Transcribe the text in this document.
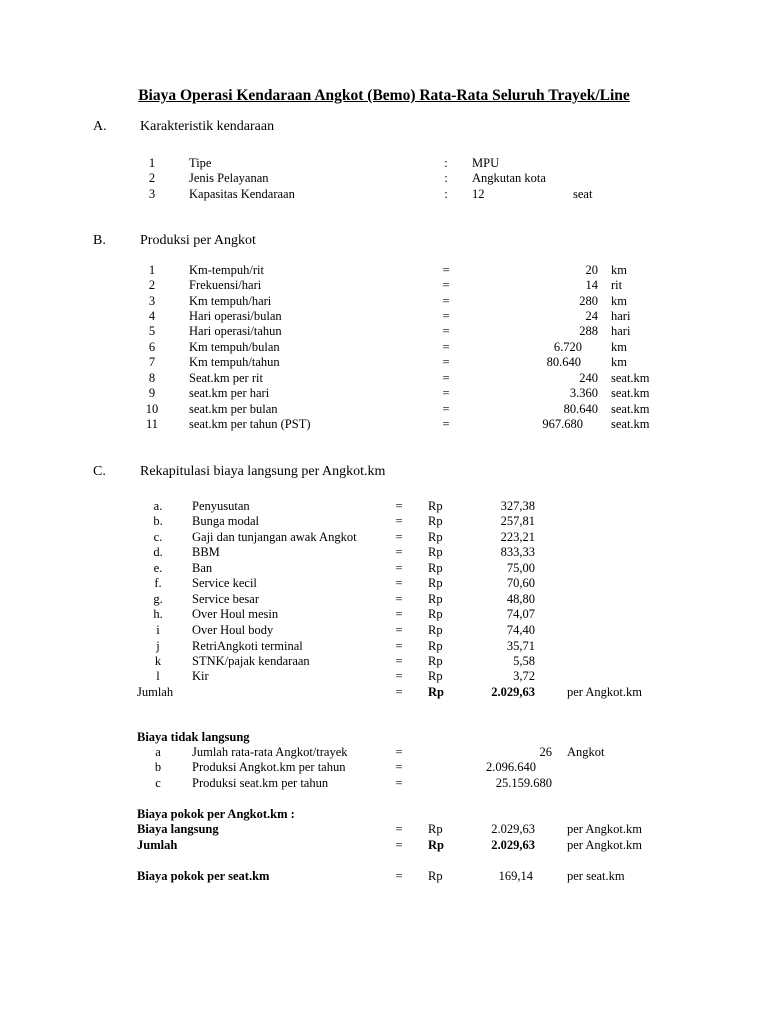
Biaya Operasi Kendaraan Angkot (Bemo) Rata-Rata Seluruh Trayek/Line
A. Karakteristik kendaraan
1	Tipe	:	MPU
2	Jenis Pelayanan	:	Angkutan kota
3	Kapasitas Kendaraan	:	12	seat
B. Produksi per Angkot
1	Km-tempuh/rit	=	20 km
2	Frekuensi/hari	=	14 rit
3	Km tempuh/hari	=	280 km
4	Hari operasi/bulan	=	24 hari
5	Hari operasi/tahun	=	288 hari
6	Km tempuh/bulan	=	6.720 km
7	Km tempuh/tahun	=	80.640 km
8	Seat.km per rit	=	240 seat.km
9	seat.km per hari	=	3.360 seat.km
10	seat.km per bulan	=	80.640 seat.km
11	seat.km per tahun (PST)	=	967.680 seat.km
C. Rekapitulasi biaya langsung per Angkot.km
a.	Penyusutan	= Rp	327,38
b.	Bunga modal	= Rp	257,81
c.	Gaji dan tunjangan awak Angkot	= Rp	223,21
d.	BBM	= Rp	833,33
e.	Ban	= Rp	75,00
f.	Service kecil	= Rp	70,60
g.	Service besar	= Rp	48,80
h.	Over Houl mesin	= Rp	74,07
i	Over Houl body	= Rp	74,40
j	RetriAngkoti terminal	= Rp	35,71
k	STNK/pajak kendaraan	= Rp	5,58
l	Kir	= Rp	3,72
Jumlah	= Rp	2.029,63	per Angkot.km
Biaya tidak langsung
a	Jumlah rata-rata Angkot/trayek	=	26 Angkot
b	Produksi Angkot.km per tahun	=	2.096.640
c	Produksi seat.km per tahun	=	25.159.680
Biaya pokok per Angkot.km :
Biaya langsung	= Rp	2.029,63	per Angkot.km
Jumlah	= Rp	2.029,63	per Angkot.km
Biaya pokok per seat.km	= Rp	169,14	per seat.km
